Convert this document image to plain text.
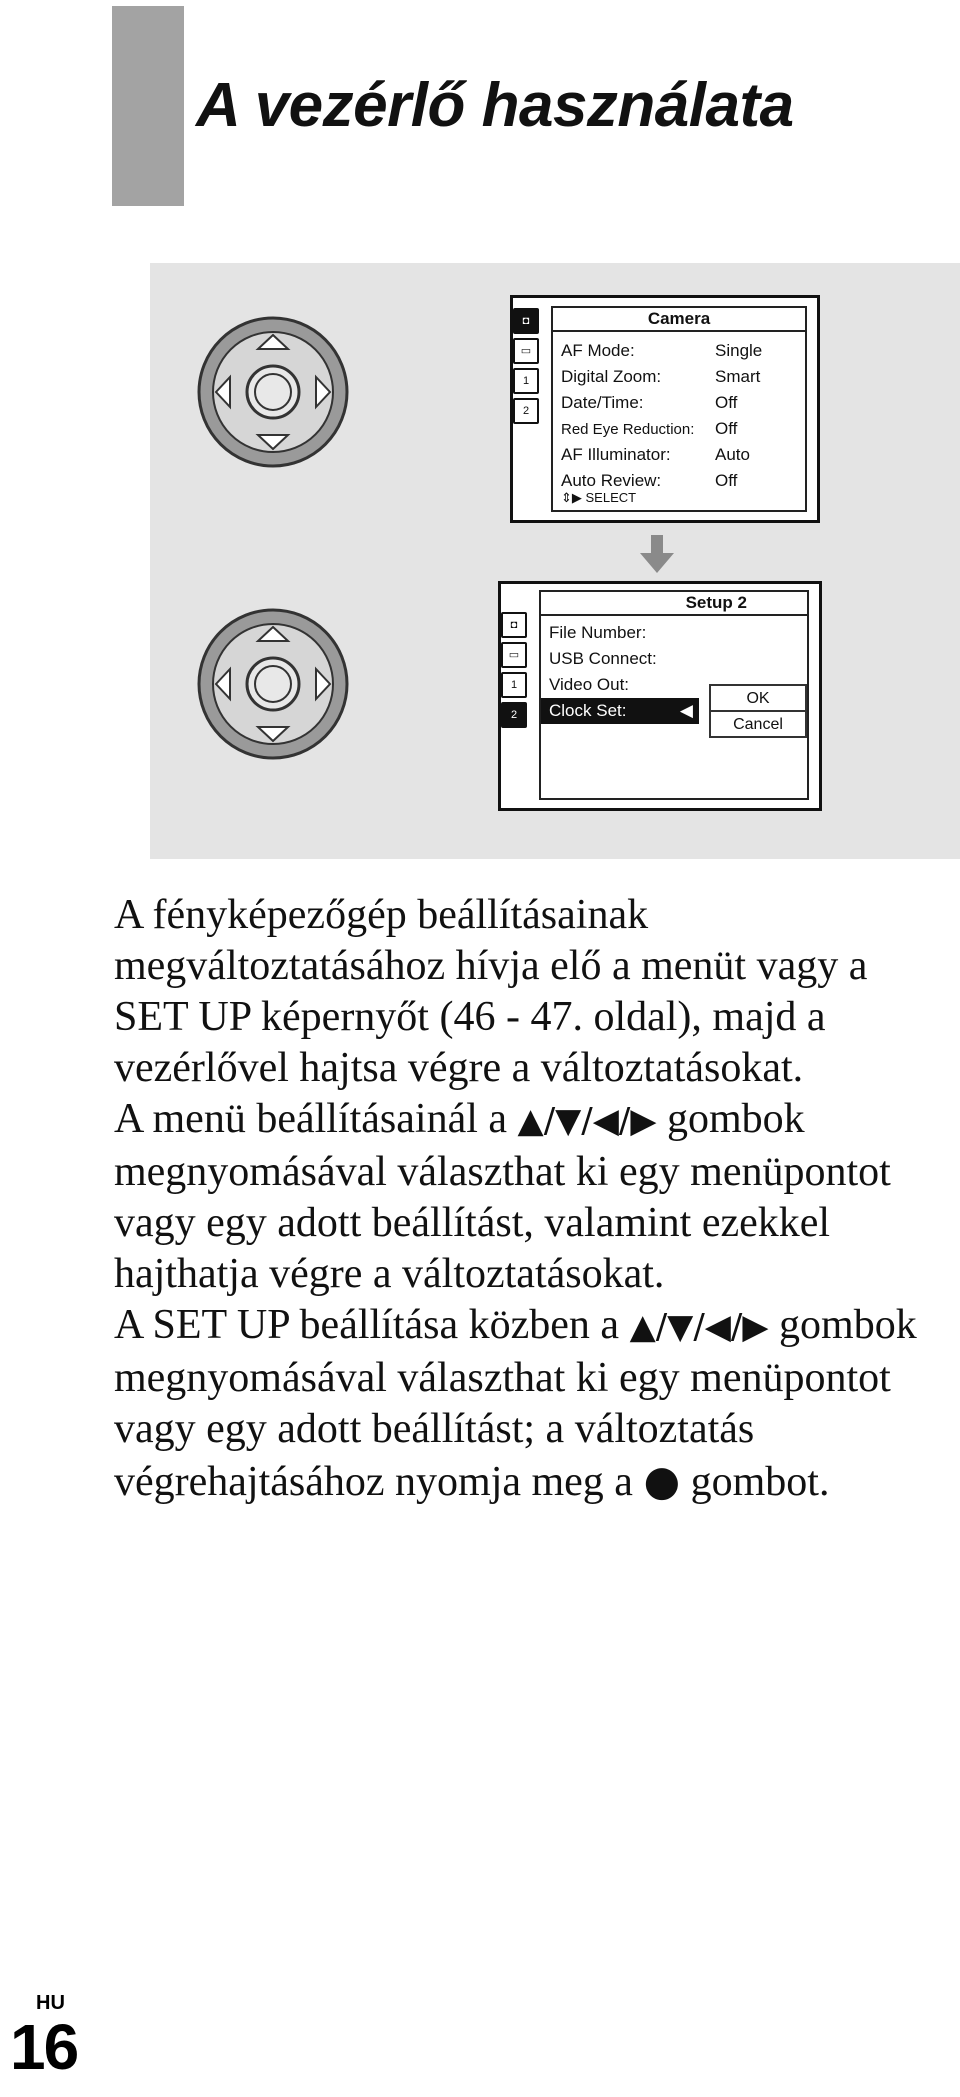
A vezérlő használata
◘
▭
1
2
Camera
AF Mode:	Single
Digital Zoom:	Smart
Date/Time:	Off
Red Eye Reduction: Off
AF Illuminator:	Auto
Auto Review:	Off
⇕▶ SELECT
◘
▭
1
2
Setup 2
File Number:
USB Connect:
Video Out:
Clock Set:	◀
OK
Cancel

A fényképezőgép beállításainak megváltoztatásához hívja elő a menüt vagy a SET UP képernyőt (46 - 47. oldal), majd a vezérlővel hajtsa végre a változtatásokat.

A menü beállításainál a ▲/▼/◀/▶ gombok megnyomásával választhat ki egy menüpontot vagy egy adott beállítást, valamint ezekkel hajthatja végre a változtatásokat.

A SET UP beállítása közben a ▲/▼/◀/▶ gombok megnyomásával választhat ki egy menüpontot vagy egy adott beállítást; a változtatás végrehajtásához nyomja meg a ● gombot.

HU
16
